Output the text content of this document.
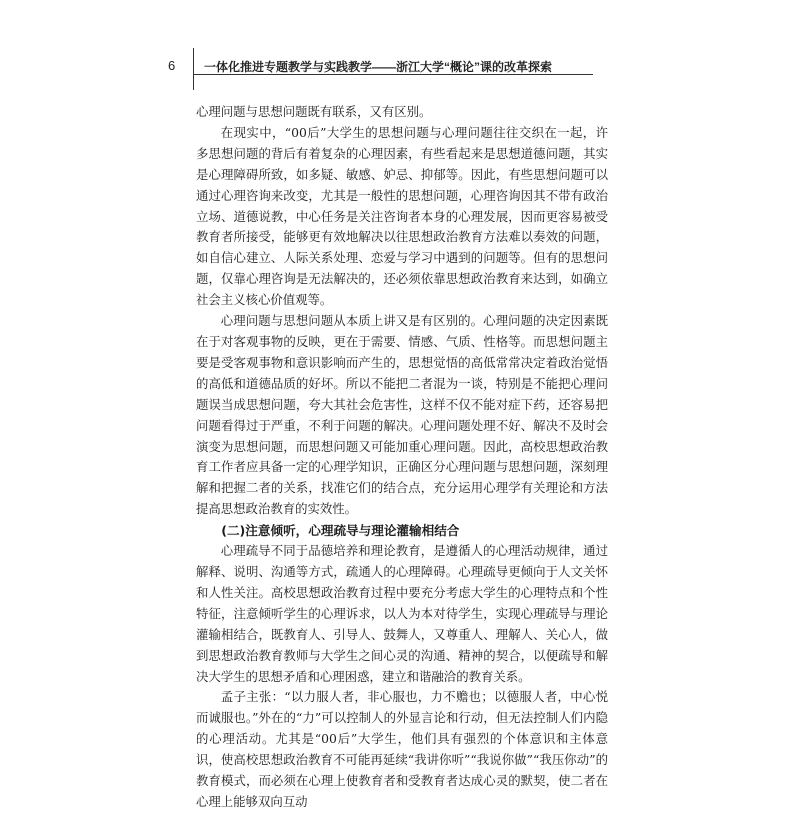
6 一体化推进专题教学与实践教学——浙江大学“概论”课的改革探索

心理问题与思想问题既有联系，又有区别。

在现实中，“00后”大学生的思想问题与心理问题往往交织在一起，许多思想问题的背后有着复杂的心理因素，有些看起来是思想道德问题，其实是心理障碍所致，如多疑、敏感、妒忌、抑郁等。因此，有些思想问题可以通过心理咨询来改变，尤其是一般性的思想问题，心理咨询因其不带有政治立场、道德说教，中心任务是关注咨询者本身的心理发展，因而更容易被受教育者所接受，能够更有效地解决以往思想政治教育方法难以奏效的问题，如自信心建立、人际关系处理、恋爱与学习中遇到的问题等。但有的思想问题，仅靠心理咨询是无法解决的，还必须依靠思想政治教育来达到，如确立社会主义核心价值观等。

心理问题与思想问题从本质上讲又是有区别的。心理问题的决定因素既在于对客观事物的反映，更在于需要、情感、气质、性格等。而思想问题主要是受客观事物和意识影响而产生的，思想觉悟的高低常常决定着政治觉悟的高低和道德品质的好坏。所以不能把二者混为一谈，特别是不能把心理问题误当成思想问题，夸大其社会危害性，这样不仅不能对症下药，还容易把问题看得过于严重，不利于问题的解决。心理问题处理不好、解决不及时会演变为思想问题，而思想问题又可能加重心理问题。因此，高校思想政治教育工作者应具备一定的心理学知识，正确区分心理问题与思想问题，深刻理解和把握二者的关系，找准它们的结合点，充分运用心理学有关理论和方法提高思想政治教育的实效性。

(二)注意倾听，心理疏导与理论灌输相结合

心理疏导不同于品德培养和理论教育，是遵循人的心理活动规律，通过解释、说明、沟通等方式，疏通人的心理障碍。心理疏导更倾向于人文关怀和人性关注。高校思想政治教育过程中要充分考虑大学生的心理特点和个性特征，注意倾听学生的心理诉求，以人为本对待学生，实现心理疏导与理论灌输相结合，既教育人、引导人、鼓舞人，又尊重人、理解人、关心人，做到思想政治教育教师与大学生之间心灵的沟通、精神的契合，以便疏导和解决大学生的思想矛盾和心理困惑，建立和谐融洽的教育关系。

孟子主张：“以力服人者，非心服也，力不赡也；以德服人者，中心悦而诚服也。”外在的“力”可以控制人的外显言论和行动，但无法控制人们内隐的心理活动。尤其是“00后”大学生，他们具有强烈的个体意识和主体意识，使高校思想政治教育不可能再延续“我讲你听”“我说你做”“我压你动”的教育模式，而必须在心理上使教育者和受教育者达成心灵的默契，使二者在心理上能够双向互动
